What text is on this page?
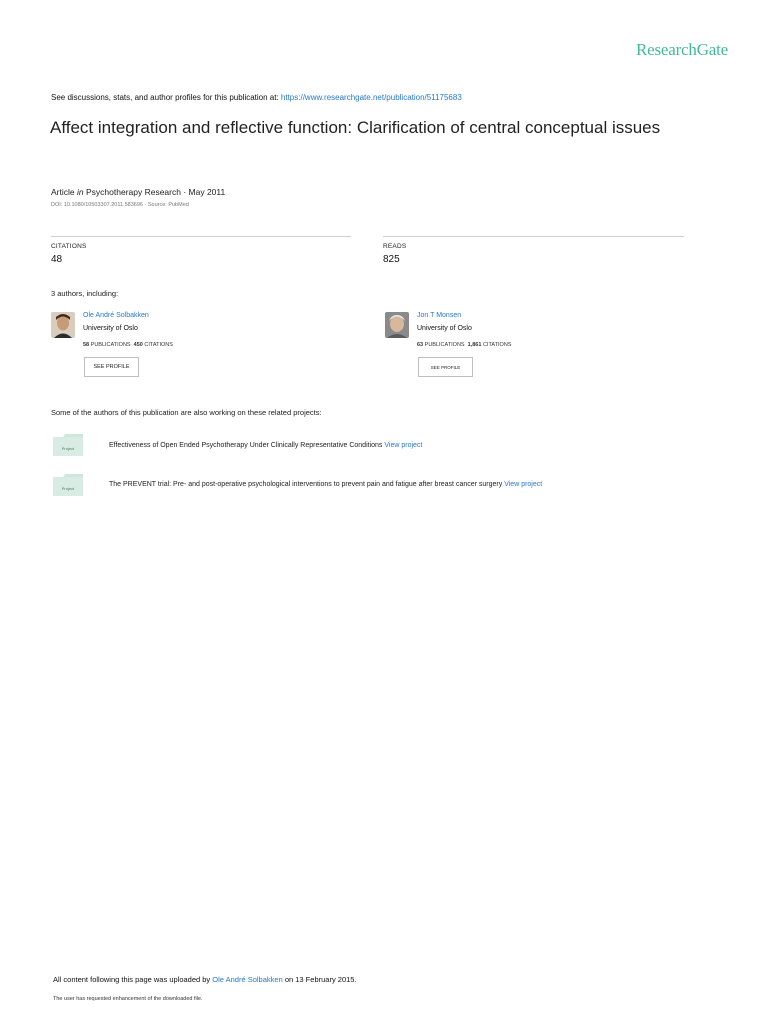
ResearchGate
See discussions, stats, and author profiles for this publication at: https://www.researchgate.net/publication/51175683
Affect integration and reflective function: Clarification of central conceptual issues
Article in Psychotherapy Research · May 2011
DOI: 10.1080/10503307.2011.583696 · Source: PubMed
CITATIONS
48
READS
825
3 authors, including:
Ole André Solbakken
University of Oslo
58 PUBLICATIONS 450 CITATIONS
SEE PROFILE
Jon T Monsen
University of Oslo
63 PUBLICATIONS 1,861 CITATIONS
SEE PROFILE
Some of the authors of this publication are also working on these related projects:
Project	Effectiveness of Open Ended Psychotherapy Under Clinically Representative Conditions View project
Project
The PREVENT trial: Pre- and post-operative psychological interventions to prevent pain and fatigue after breast cancer surgery View project
All content following this page was uploaded by Ole André Solbakken on 13 February 2015.
The user has requested enhancement of the downloaded file.
